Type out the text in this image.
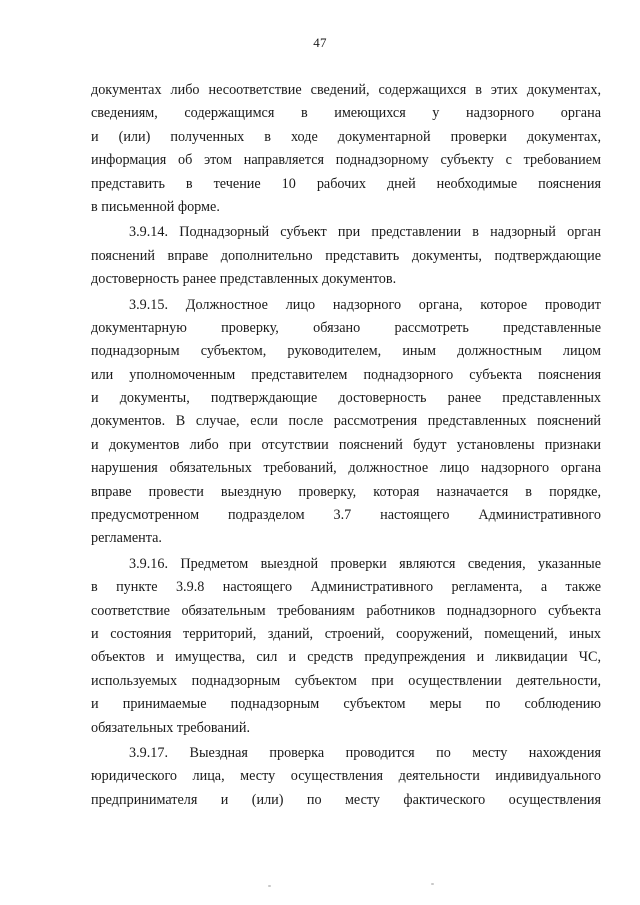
47
документах либо несоответствие сведений, содержащихся в этих документах,
сведениям, содержащимся в имеющихся у надзорного органа
и (или) полученных в ходе документарной проверки документах,
информация об этом направляется поднадзорному субъекту с требованием
представить в течение 10 рабочих дней необходимые пояснения
в письменной форме.
3.9.14. Поднадзорный субъект при представлении в надзорный орган
пояснений вправе дополнительно представить документы, подтверждающие
достоверность ранее представленных документов.
3.9.15. Должностное лицо надзорного органа, которое проводит
документарную проверку, обязано рассмотреть представленные
поднадзорным субъектом, руководителем, иным должностным лицом
или уполномоченным представителем поднадзорного субъекта пояснения
и документы, подтверждающие достоверность ранее представленных
документов. В случае, если после рассмотрения представленных пояснений
и документов либо при отсутствии пояснений будут установлены признаки
нарушения обязательных требований, должностное лицо надзорного органа
вправе провести выездную проверку, которая назначается в порядке,
предусмотренном подразделом 3.7 настоящего Административного
регламента.
3.9.16. Предметом выездной проверки являются сведения, указанные
в пункте 3.9.8 настоящего Административного регламента, а также
соответствие обязательным требованиям работников поднадзорного субъекта
и состояния территорий, зданий, строений, сооружений, помещений, иных
объектов и имущества, сил и средств предупреждения и ликвидации ЧС,
используемых поднадзорным субъектом при осуществлении деятельности,
и принимаемые поднадзорным субъектом меры по соблюдению
обязательных требований.
3.9.17. Выездная проверка проводится по месту нахождения
юридического лица, месту осуществления деятельности индивидуального
предпринимателя и (или) по месту фактического осуществления
